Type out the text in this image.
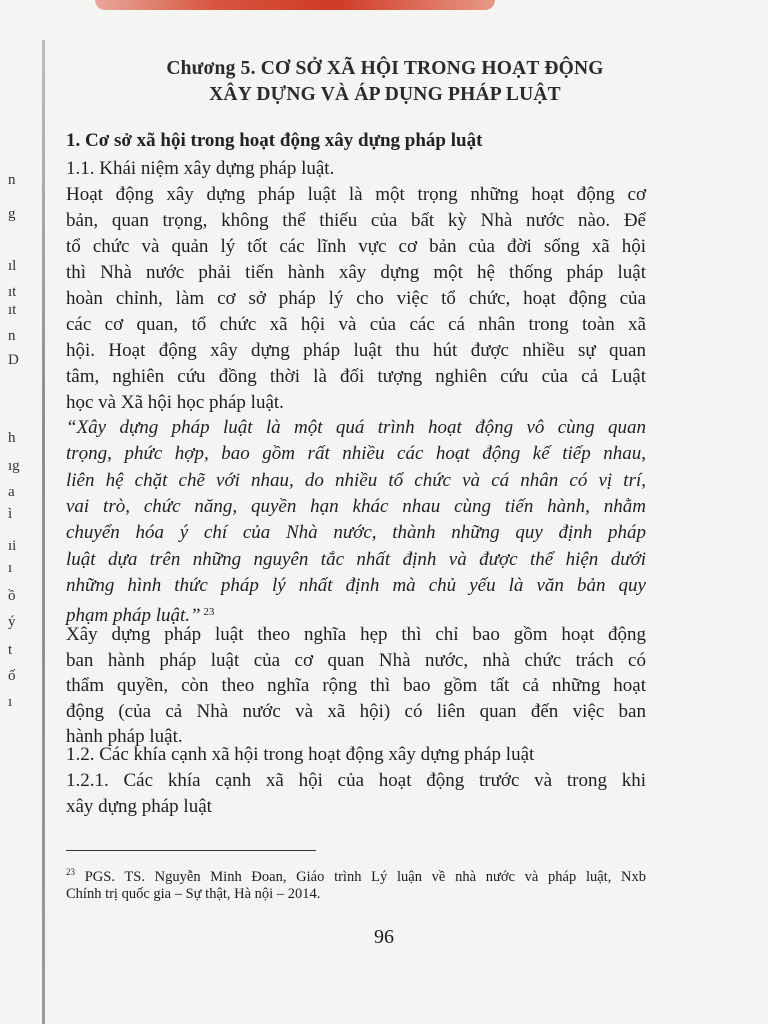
n
g
ıl
ıt
ıt
n
D
h
ıg
a
ì
ıi
ı
ồ
ý
t
ố
ı
Chương 5. CƠ SỞ XÃ HỘI TRONG HOẠT ĐỘNG
XÂY DỰNG VÀ ÁP DỤNG PHÁP LUẬT
1. Cơ sở xã hội trong hoạt động xây dựng pháp luật
1.1. Khái niệm xây dựng pháp luật.
Hoạt động xây dựng pháp luật là một trọng những hoạt động cơ
bản, quan trọng, không thể thiếu của bất kỳ Nhà nước nào. Để
tổ chức và quản lý tốt các lĩnh vực cơ bản của đời sống xã hội
thì Nhà nước phải tiến hành xây dựng một hệ thống pháp luật
hoàn chỉnh, làm cơ sở pháp lý cho việc tổ chức, hoạt động của
các cơ quan, tổ chức xã hội và của các cá nhân trong toàn xã
hội. Hoạt động xây dựng pháp luật thu hút được nhiều sự quan
tâm, nghiên cứu đồng thời là đối tượng nghiên cứu của cả Luật
học và Xã hội học pháp luật.
“Xây dựng pháp luật là một quá trình hoạt động vô cùng quan
trọng, phức hợp, bao gồm rất nhiều các hoạt động kế tiếp nhau,
liên hệ chặt chẽ với nhau, do nhiều tổ chức và cá nhân có vị trí,
vai trò, chức năng, quyền hạn khác nhau cùng tiến hành, nhằm
chuyển hóa ý chí của Nhà nước, thành những quy định pháp
luật dựa trên những nguyên tắc nhất định và được thể hiện dưới
những hình thức pháp lý nhất định mà chủ yếu là văn bản quy
phạm pháp luật.” $^{23}$
Xây dựng pháp luật theo nghĩa hẹp thì chỉ bao gồm hoạt động
ban hành pháp luật của cơ quan Nhà nước, nhà chức trách có
thẩm quyền, còn theo nghĩa rộng thì bao gồm tất cả những hoạt
động (của cả Nhà nước và xã hội) có liên quan đến việc ban
hành pháp luật.
1.2. Các khía cạnh xã hội trong hoạt động xây dựng pháp luật
1.2.1. Các khía cạnh xã hội của hoạt động trước và trong khi
xây dựng pháp luật
$^{23}$ PGS. TS. Nguyễn Minh Đoan, Giáo trình Lý luận về nhà nước và pháp luật, Nxb
Chính trị quốc gia – Sự thật, Hà nội – 2014.
96
